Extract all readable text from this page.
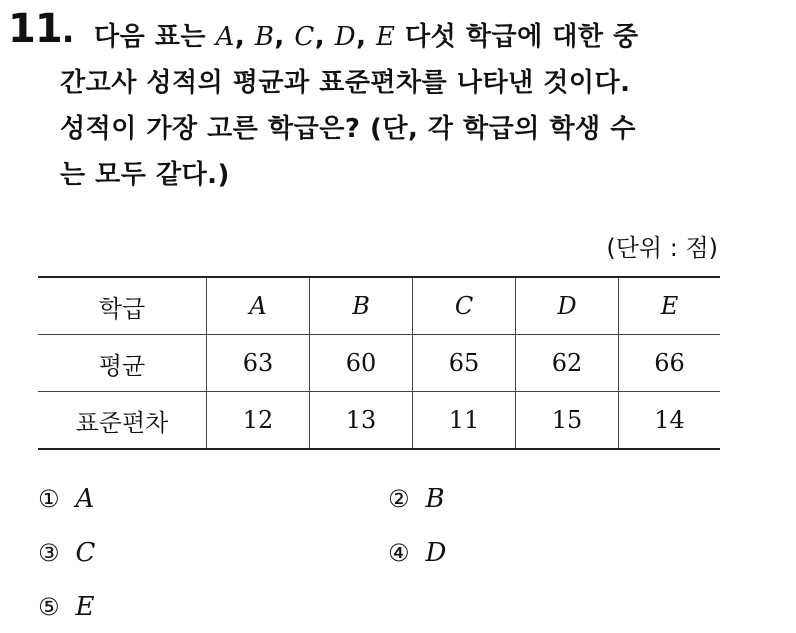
11. 다음 표는 A, B, C, D, E 다섯 학급에 대한 중
간고사 성적의 평균과 표준편차를 나타낸 것이다.
성적이 가장 고른 학급은? (단, 각 학급의 학생 수
는 모두 같다.)
(단위 : 점)
학급	A	B	C	D	E
평균	63	60	65	62	66
표준편차	12	13	11	15	14
① A	② B
③ C	④ D
⑤ E
